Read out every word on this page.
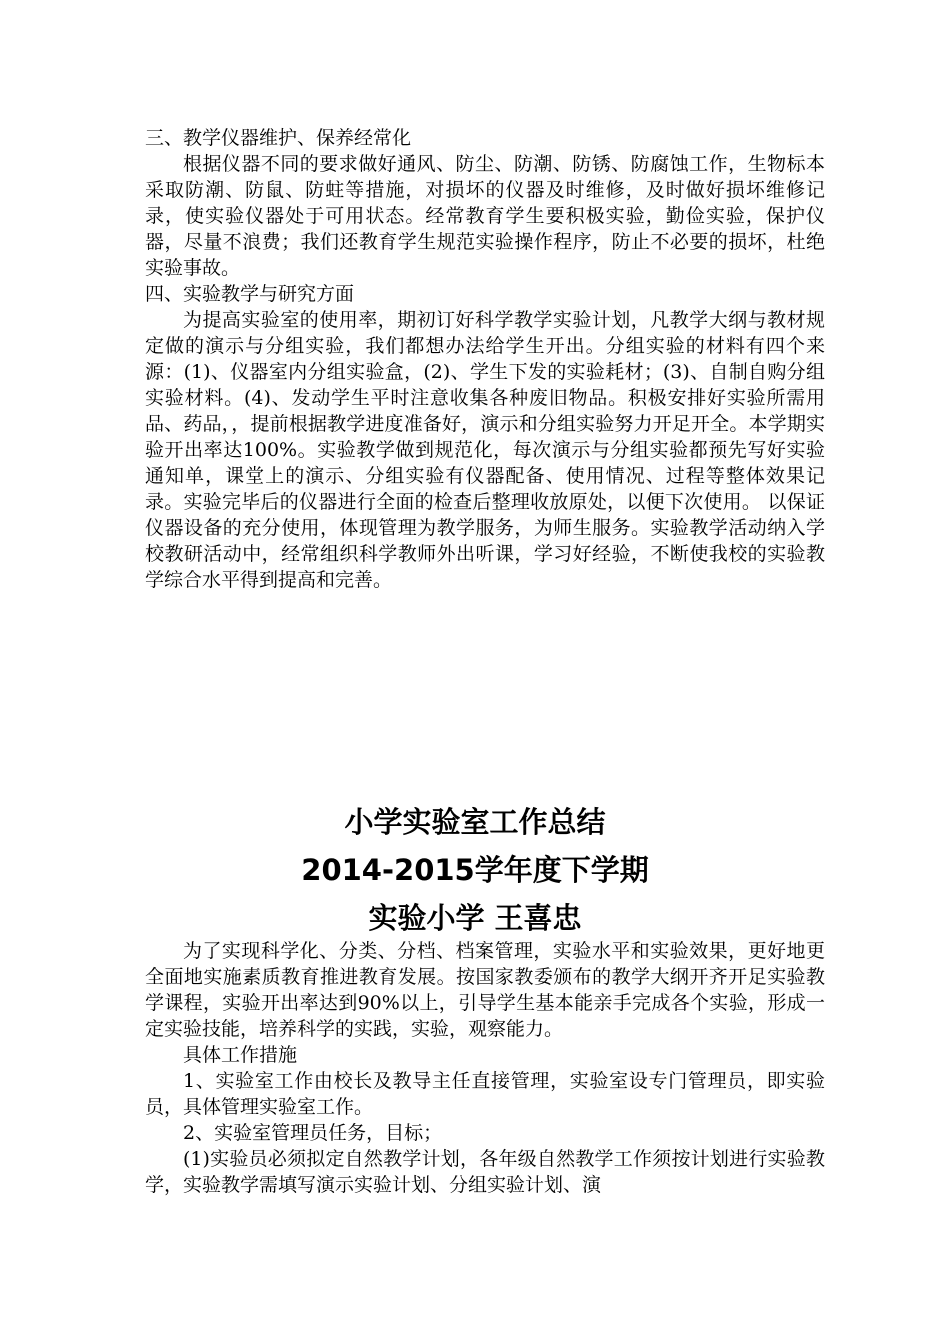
三、教学仪器维护、保养经常化

根据仪器不同的要求做好通风、防尘、防潮、防锈、防腐蚀工作，生物标本采取防潮、防鼠、防蛀等措施，对损坏的仪器及时维修，及时做好损坏维修记录，使实验仪器处于可用状态。经常教育学生要积极实验，勤俭实验，保护仪器，尽量不浪费；我们还教育学生规范实验操作程序，防止不必要的损坏，杜绝实验事故。

四、实验教学与研究方面

为提高实验室的使用率，期初订好科学教学实验计划，凡教学大纲与教材规定做的演示与分组实验，我们都想办法给学生开出。分组实验的材料有四个来源：(1)、仪器室内分组实验盒，(2)、学生下发的实验耗材；(3)、自制自购分组实验材料。(4)、发动学生平时注意收集各种废旧物品。积极安排好实验所需用品、药品，，提前根据教学进度准备好，演示和分组实验努力开足开全。本学期实验开出率达100%。实验教学做到规范化，每次演示与分组实验都预先写好实验通知单，课堂上的演示、分组实验有仪器配备、使用情况、过程等整体效果记录。实验完毕后的仪器进行全面的检查后整理收放原处，以便下次使用。 以保证仪器设备的充分使用，体现管理为教学服务，为师生服务。实验教学活动纳入学校教研活动中，经常组织科学教师外出听课，学习好经验，不断使我校的实验教学综合水平得到提高和完善。

小学实验室工作总结
2014-2015学年度下学期
实验小学 王喜忠

为了实现科学化、分类、分档、档案管理，实验水平和实验效果，更好地更全面地实施素质教育推进教育发展。按国家教委颁布的教学大纲开齐开足实验教学课程，实验开出率达到90%以上，引导学生基本能亲手完成各个实验，形成一定实验技能，培养科学的实践，实验，观察能力。

具体工作措施

1、实验室工作由校长及教导主任直接管理，实验室设专门管理员，即实验员，具体管理实验室工作。

2、实验室管理员任务，目标；

(1)实验员必须拟定自然教学计划，各年级自然教学工作须按计划进行实验教学，实验教学需填写演示实验计划、分组实验计划、演
